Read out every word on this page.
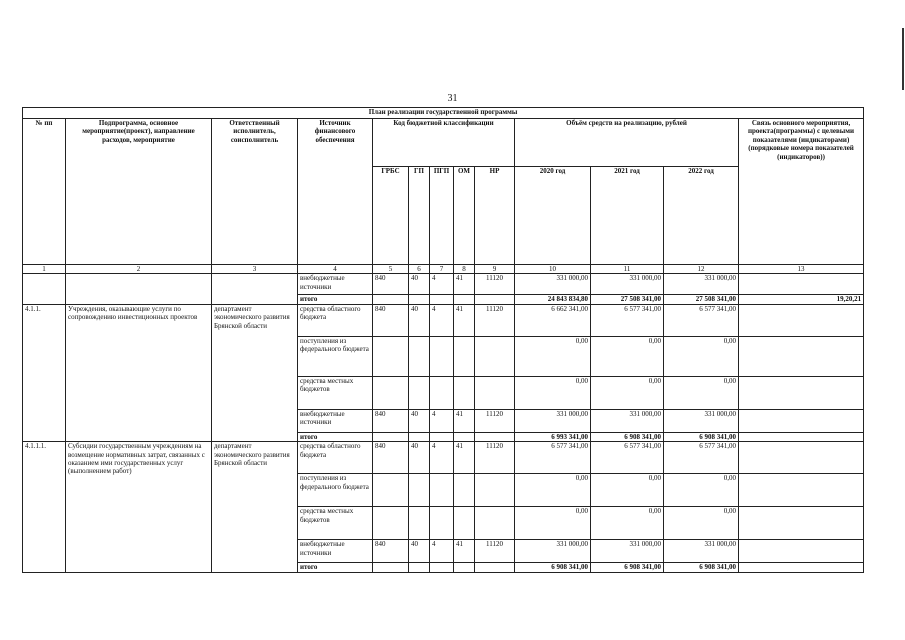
31
План реализации государственной программы												
№ пп	Подпрограмма, основное мероприятие(проект), направление расходов, мероприятие	Ответственный исполнитель, соисполнитель	Источник финансового обеспечения	Код бюджетной классификации					Объём средств на реализацию, рублей			Связь основного мероприятия, проекта(программы) с целевыми показателями (индикаторами) (порядковые номера показателей (индикаторов))
				ГРБС	ГП	ПГП	ОМ	НР	2020 год	2021 год	2022 год	
1	2	3	4	5	6	7	8	9	10	11	12	13
			внебюджетные источники	840	40	4	41	11120	331 000,00	331 000,00	331 000,00	
			итого						24 843 834,80	27 508 341,00	27 508 341,00	19,20,21
4.1.1.	Учреждения, оказывающие услуги по сопровождению инвестиционных проектов	департамент экономического развития Брянской области	средства областного бюджета	840	40	4	41	11120	6 662 341,00	6 577 341,00	6 577 341,00	
			поступления из федерального бюджета						0,00	0,00	0,00	
			средства местных бюджетов						0,00	0,00	0,00	
			внебюджетные источники	840	40	4	41	11120	331 000,00	331 000,00	331 000,00	
			итого						6 993 341,00	6 908 341,00	6 908 341,00	
4.1.1.1.	Субсидии государственным учреждениям на возмещение нормативных затрат, связанных с оказанием ими государственных услуг (выполнением работ)	департамент экономического развития Брянской области	средства областного бюджета	840	40	4	41	11120	6 577 341,00	6 577 341,00	6 577 341,00	
			поступления из федерального бюджета						0,00	0,00	0,00	
			средства местных бюджетов						0,00	0,00	0,00	
			внебюджетные источники	840	40	4	41	11120	331 000,00	331 000,00	331 000,00	
			итого						6 908 341,00	6 908 341,00	6 908 341,00	
